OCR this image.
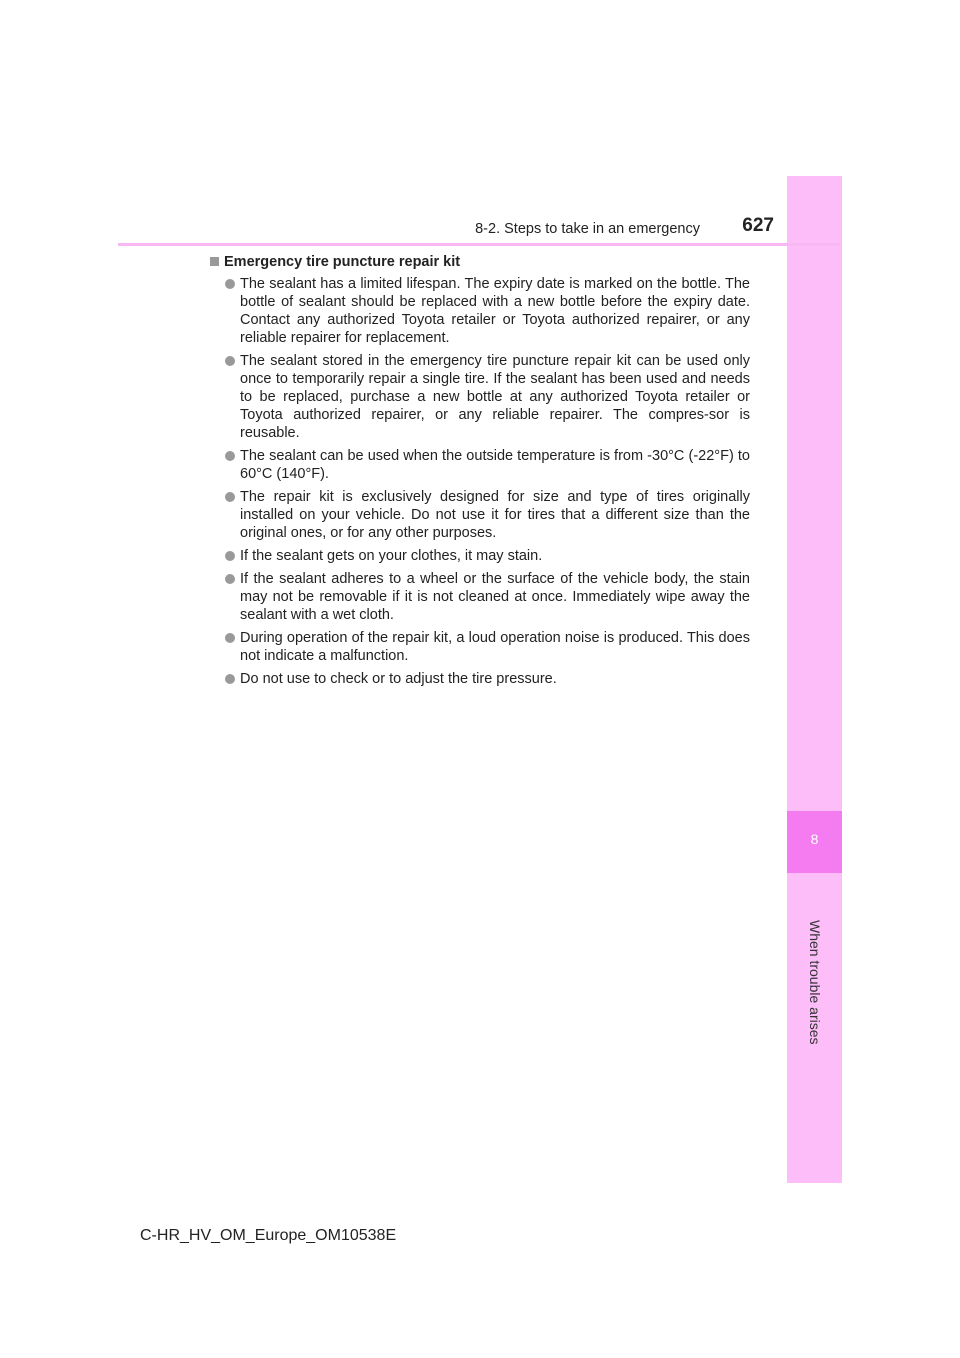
8
When trouble arises
8-2. Steps to take in an emergency	627
Emergency tire puncture repair kit
The sealant has a limited lifespan. The expiry date is marked on the bottle. The bottle of sealant should be replaced with a new bottle before the expiry date. Contact any authorized Toyota retailer or Toyota authorized repairer, or any reliable repairer for replacement.
The sealant stored in the emergency tire puncture repair kit can be used only once to temporarily repair a single tire. If the sealant has been used and needs to be replaced, purchase a new bottle at any authorized Toyota retailer or Toyota authorized repairer, or any reliable repairer. The compres-sor is reusable.
The sealant can be used when the outside temperature is from -30°C (-22°F) to 60°C (140°F).
The repair kit is exclusively designed for size and type of tires originally installed on your vehicle. Do not use it for tires that a different size than the original ones, or for any other purposes.
If the sealant gets on your clothes, it may stain.
If the sealant adheres to a wheel or the surface of the vehicle body, the stain may not be removable if it is not cleaned at once. Immediately wipe away the sealant with a wet cloth.
During operation of the repair kit, a loud operation noise is produced. This does not indicate a malfunction.
Do not use to check or to adjust the tire pressure.
C-HR_HV_OM_Europe_OM10538E
